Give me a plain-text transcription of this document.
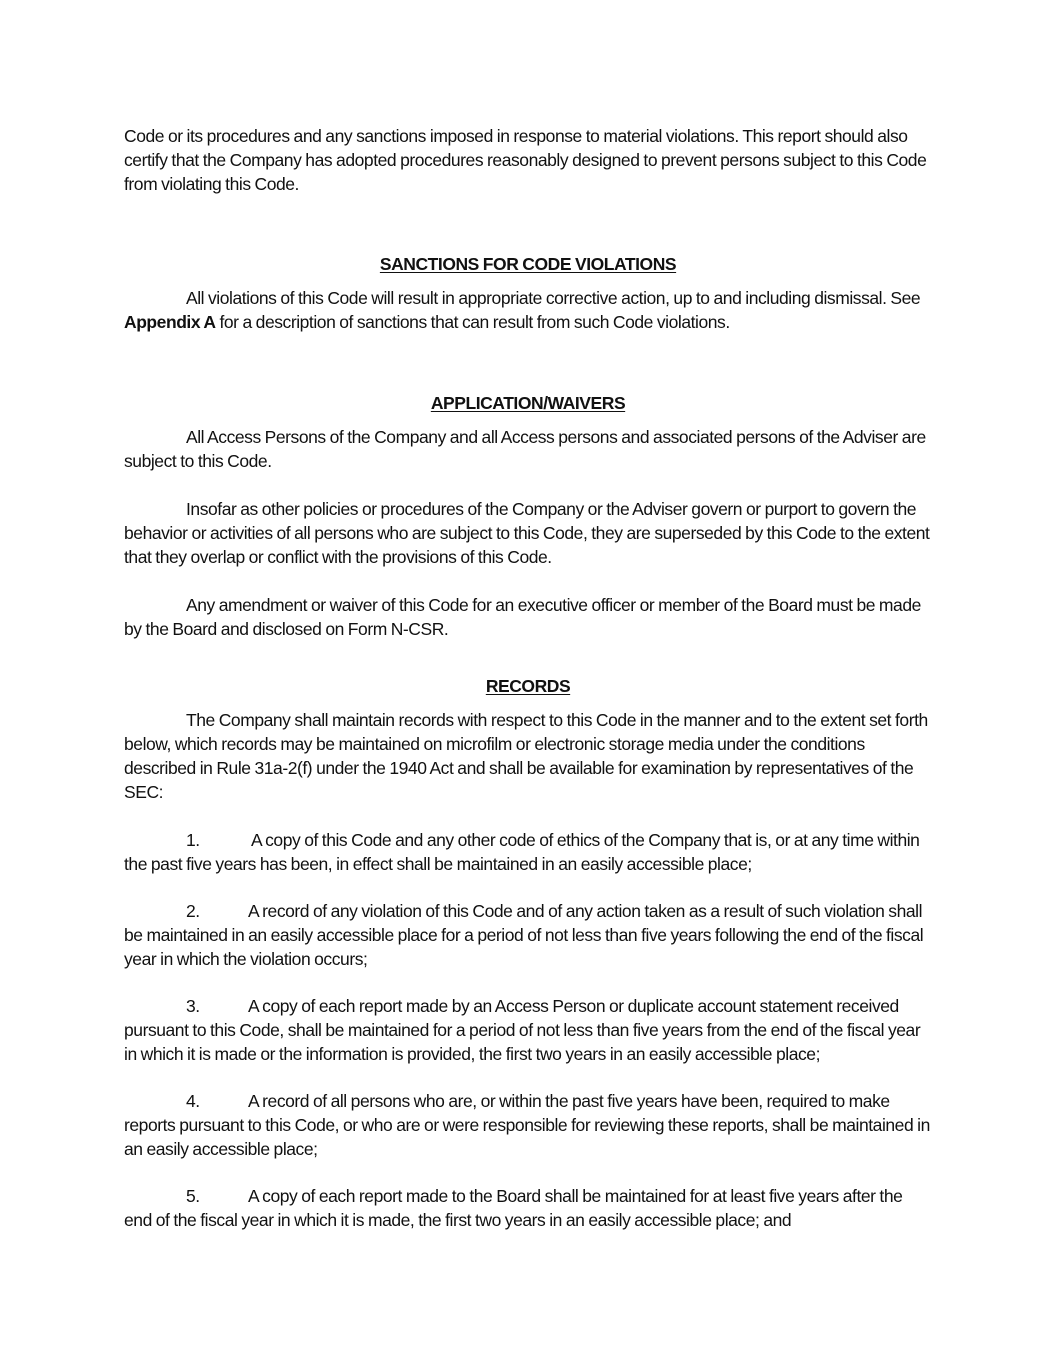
Code or its procedures and any sanctions imposed in response to material violations. This report should also certify that the Company has adopted procedures reasonably designed to prevent persons subject to this Code from violating this Code.

SANCTIONS FOR CODE VIOLATIONS

All violations of this Code will result in appropriate corrective action, up to and including dismissal. See Appendix A for a description of sanctions that can result from such Code violations.

APPLICATION/WAIVERS

All Access Persons of the Company and all Access persons and associated persons of the Adviser are subject to this Code.

Insofar as other policies or procedures of the Company or the Adviser govern or purport to govern the behavior or activities of all persons who are subject to this Code, they are superseded by this Code to the extent that they overlap or conflict with the provisions of this Code.

Any amendment or waiver of this Code for an executive officer or member of the Board must be made by the Board and disclosed on Form N-CSR.

RECORDS

The Company shall maintain records with respect to this Code in the manner and to the extent set forth below, which records may be maintained on microfilm or electronic storage media under the conditions described in Rule 31a-2(f) under the 1940 Act and shall be available for examination by representatives of the SEC:

1.	A copy of this Code and any other code of ethics of the Company that is, or at any time within the past five years has been, in effect shall be maintained in an easily accessible place;

2.	A record of any violation of this Code and of any action taken as a result of such violation shall be maintained in an easily accessible place for a period of not less than five years following the end of the fiscal year in which the violation occurs;

3.	A copy of each report made by an Access Person or duplicate account statement received pursuant to this Code, shall be maintained for a period of not less than five years from the end of the fiscal year in which it is made or the information is provided, the first two years in an easily accessible place;

4.	A record of all persons who are, or within the past five years have been, required to make reports pursuant to this Code, or who are or were responsible for reviewing these reports, shall be maintained in an easily accessible place;

5.	A copy of each report made to the Board shall be maintained for at least five years after the end of the fiscal year in which it is made, the first two years in an easily accessible place; and
